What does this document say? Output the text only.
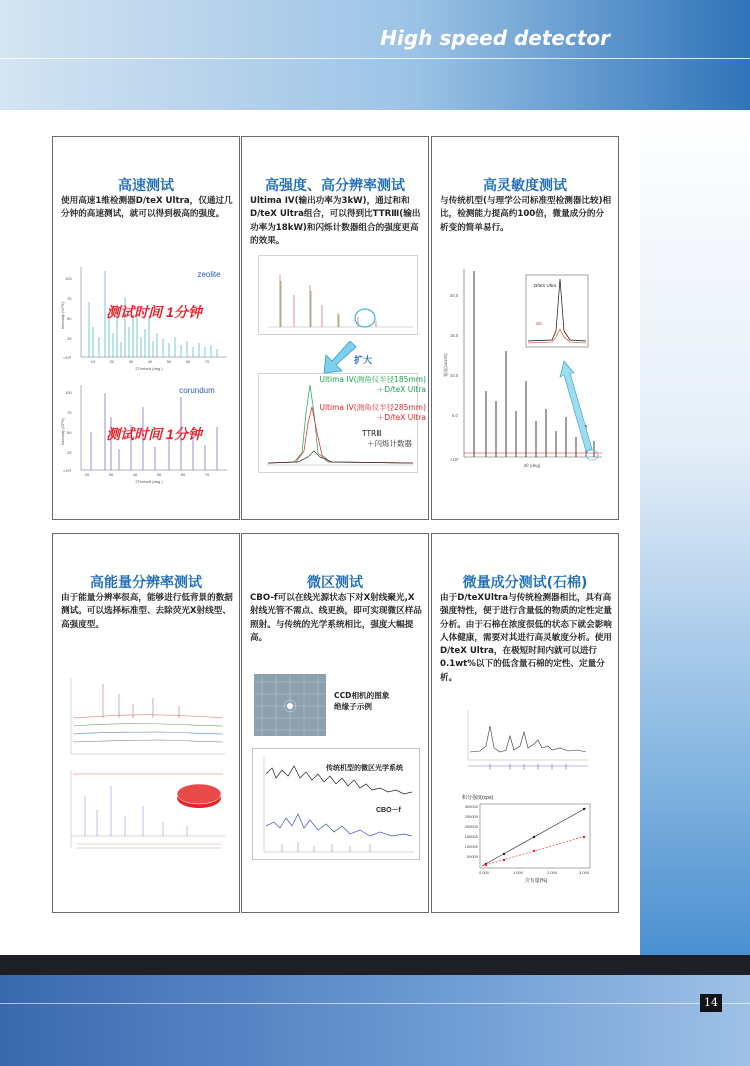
High speed detector
高速测试

使用高速1维检测器D/teX Ultra，仅通过几分钟的高速测试，就可以得到极高的强度。

100
75
50
25
×10³
Intensity (CPS)
10	20	30	40	50	60	70
2Theta/d (deg.)
zeolite
测试时间 1分钟
100
75
50
25
×10³
Intensity (CPS)
20	30	40	50	60	70
2Theta/d (deg.)
corundum
测试时间 1分钟
高强度、高分辨率测试

Ultima IV(输出功率为3kW)，通过和和D/teX Ultra组合，可以得到比TTRⅢ(输出功率为18kW)和闪烁计数器组合的强度更高的效果。

扩大
Ultima IV(测角仪半径185mm)
＋D/teX Ultra
Ultima IV(测角仪半径285mm)
＋D/teX Ultra
TTRⅢ
＋闪烁计数器
高灵敏度测试

与传统机型(与理学公司标准型检测器比较)相比，检测能力提高约100倍，微量成分的分析变的简单易行。

20.0
15.0
10.0
5.0
×10³
强度(counts)
2θ (deg)
D/teX Ultra
SC
高能量分辨率测试

由于能量分辨率很高，能够进行低背景的数据测试。可以选择标准型、去除荧光X射线型、高强度型。

微区测试

CBO-f可以在线光源状态下对X射线聚光,X射线光管不需点、线更换，即可实现微区样品照射。与传统的光学系统相比，强度大幅提高。

CCD相机的图象
绝缘子示例
传统机型的微区光学系统
CBO－f
微量成分测试(石棉)

由于D/teXUltra与传统检测器相比，具有高强度特性，便于进行含量低的物质的定性定量分析。由于石棉在浓度很低的状态下就会影响人体健康，需要对其进行高灵敏度分析。使用D/teX Ultra，在极短时间内就可以进行0.1wt%以下的低含量石棉的定性、定量分析。

积分强度(cps)
300000
250000
200000
150000
100000
50000
0.000	1.000	2.000	3.000
含有量(%)
14
